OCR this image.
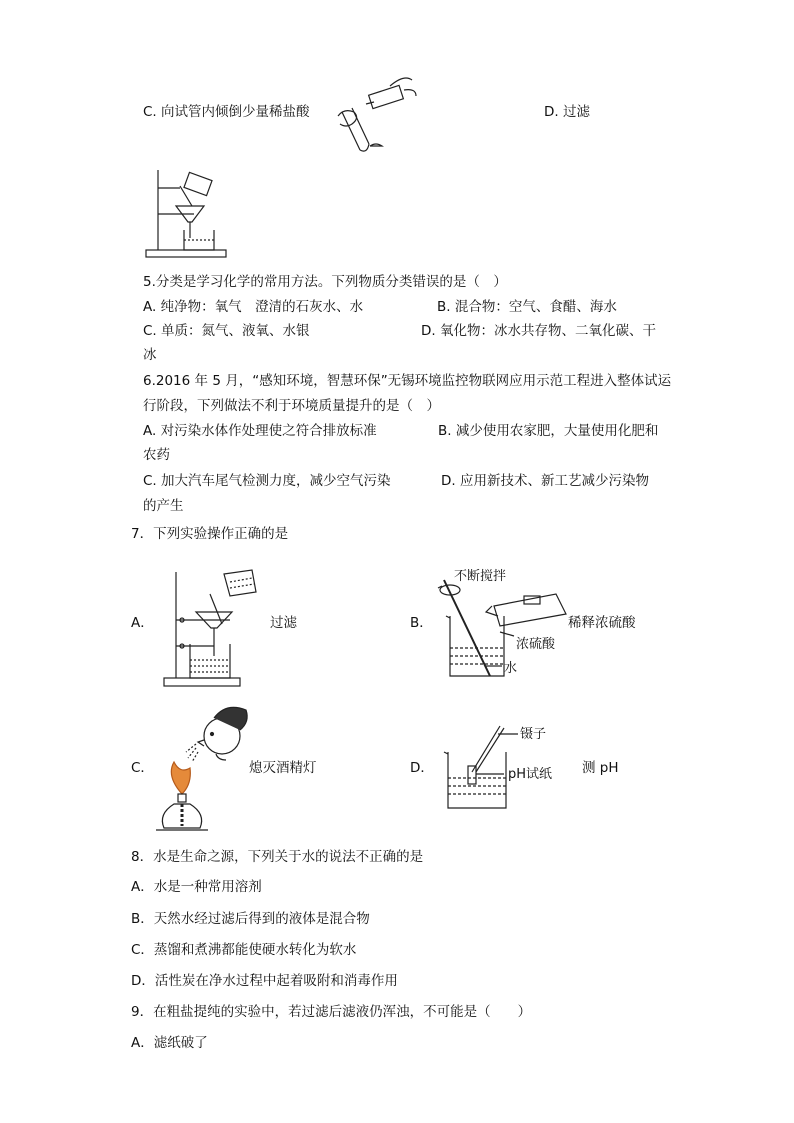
C. 向试管内倾倒少量稀盐酸	D. 过滤
5.分类是学习化学的常用方法。下列物质分类错误的是（　）
A. 纯净物：氧气　澄清的石灰水、水	B. 混合物：空气、食醋、海水
C. 单质：氮气、液氧、水银	D. 氧化物：冰水共存物、二氧化碳、干
冰
6.2016 年 5 月，“感知环境，智慧环保”无锡环境监控物联网应用示范工程进入整体试运
行阶段，下列做法不利于环境质量提升的是（　）
A. 对污染水体作处理使之符合排放标准	B. 减少使用农家肥，大量使用化肥和
农药
C. 加大汽车尾气检测力度，减少空气污染	D. 应用新技术、新工艺减少污染物
的产生
7．下列实验操作正确的是
A．	过滤	B．
不断搅拌
浓硫酸
水
稀释浓硫酸
C．	熄灭酒精灯	D．
镊子
pH试纸 测 pH
8．水是生命之源，下列关于水的说法不正确的是
A．水是一种常用溶剂
B．天然水经过滤后得到的液体是混合物
C．蒸馏和煮沸都能使硬水转化为软水
D．活性炭在净水过程中起着吸附和消毒作用
9．在粗盐提纯的实验中，若过滤后滤液仍浑浊，不可能是（　　）
A．滤纸破了
